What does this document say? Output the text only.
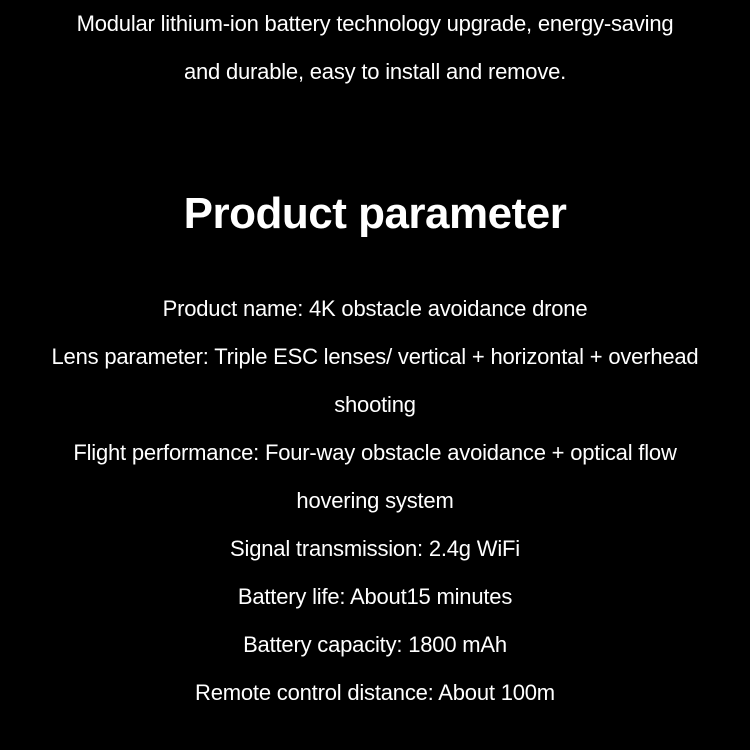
Modular lithium-ion battery technology upgrade, energy-saving
and durable, easy to install and remove.
Product parameter
Product name: 4K obstacle avoidance drone
Lens parameter: Triple ESC lenses/ vertical + horizontal + overhead
shooting
Flight performance: Four-way obstacle avoidance + optical flow
hovering system
Signal transmission: 2.4g WiFi
Battery life: About15 minutes
Battery capacity: 1800 mAh
Remote control distance: About 100m
